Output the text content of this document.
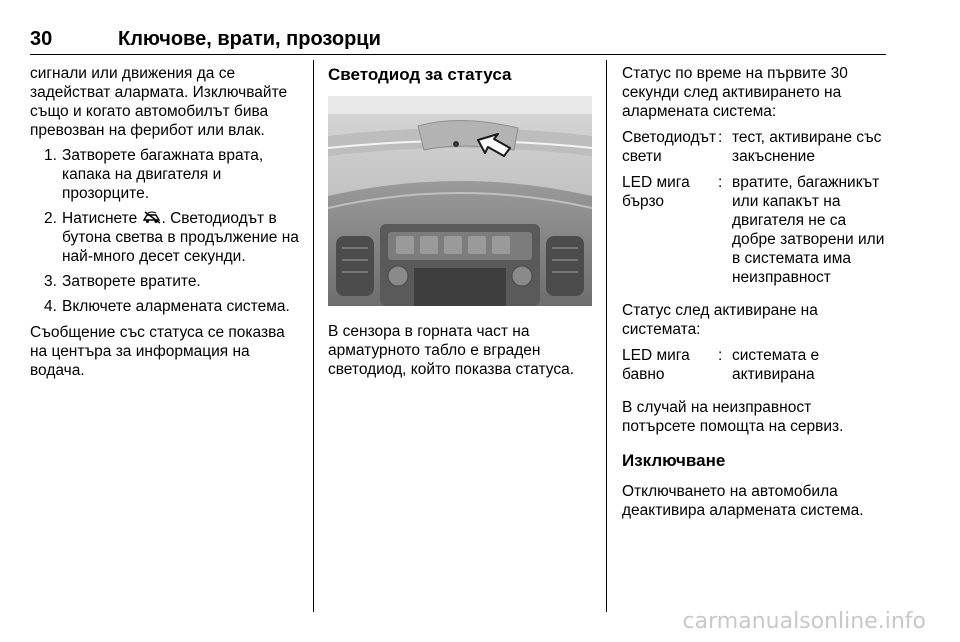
30	Ключове, врати, прозорци

сигнали или движения да се задействат алармата. Изключвайте също и когато автомобилът бива превозван на ферибот или влак.

1. Затворете багажната врата, капака на двигателя и прозорците.
2. Натиснете . Светодиодът в бутона светва в продължение на най-много десет секунди.
3. Затворете вратите.
4. Включете алармената система.

Съобщение със статуса се показва на центъра за информация на водача.

Светодиод за статуса

В сензора в горната част на арматурното табло е вграден светодиод, който показва статуса.

Статус по време на първите 30 секунди след активирането на алармената система:

Светодиодът свети
: тест, активиране със закъснение
LED мига бързо
: вратите, багажникът или капакът на двигателя не са добре затворени или в системата има неизправност

Статус след активиране на системата:

LED мига бавно
: системата е активирана

В случай на неизправност потърсете помощта на сервиз.

Изключване

Отключването на автомобила деактивира алармената система.

carmanualsonline.info
